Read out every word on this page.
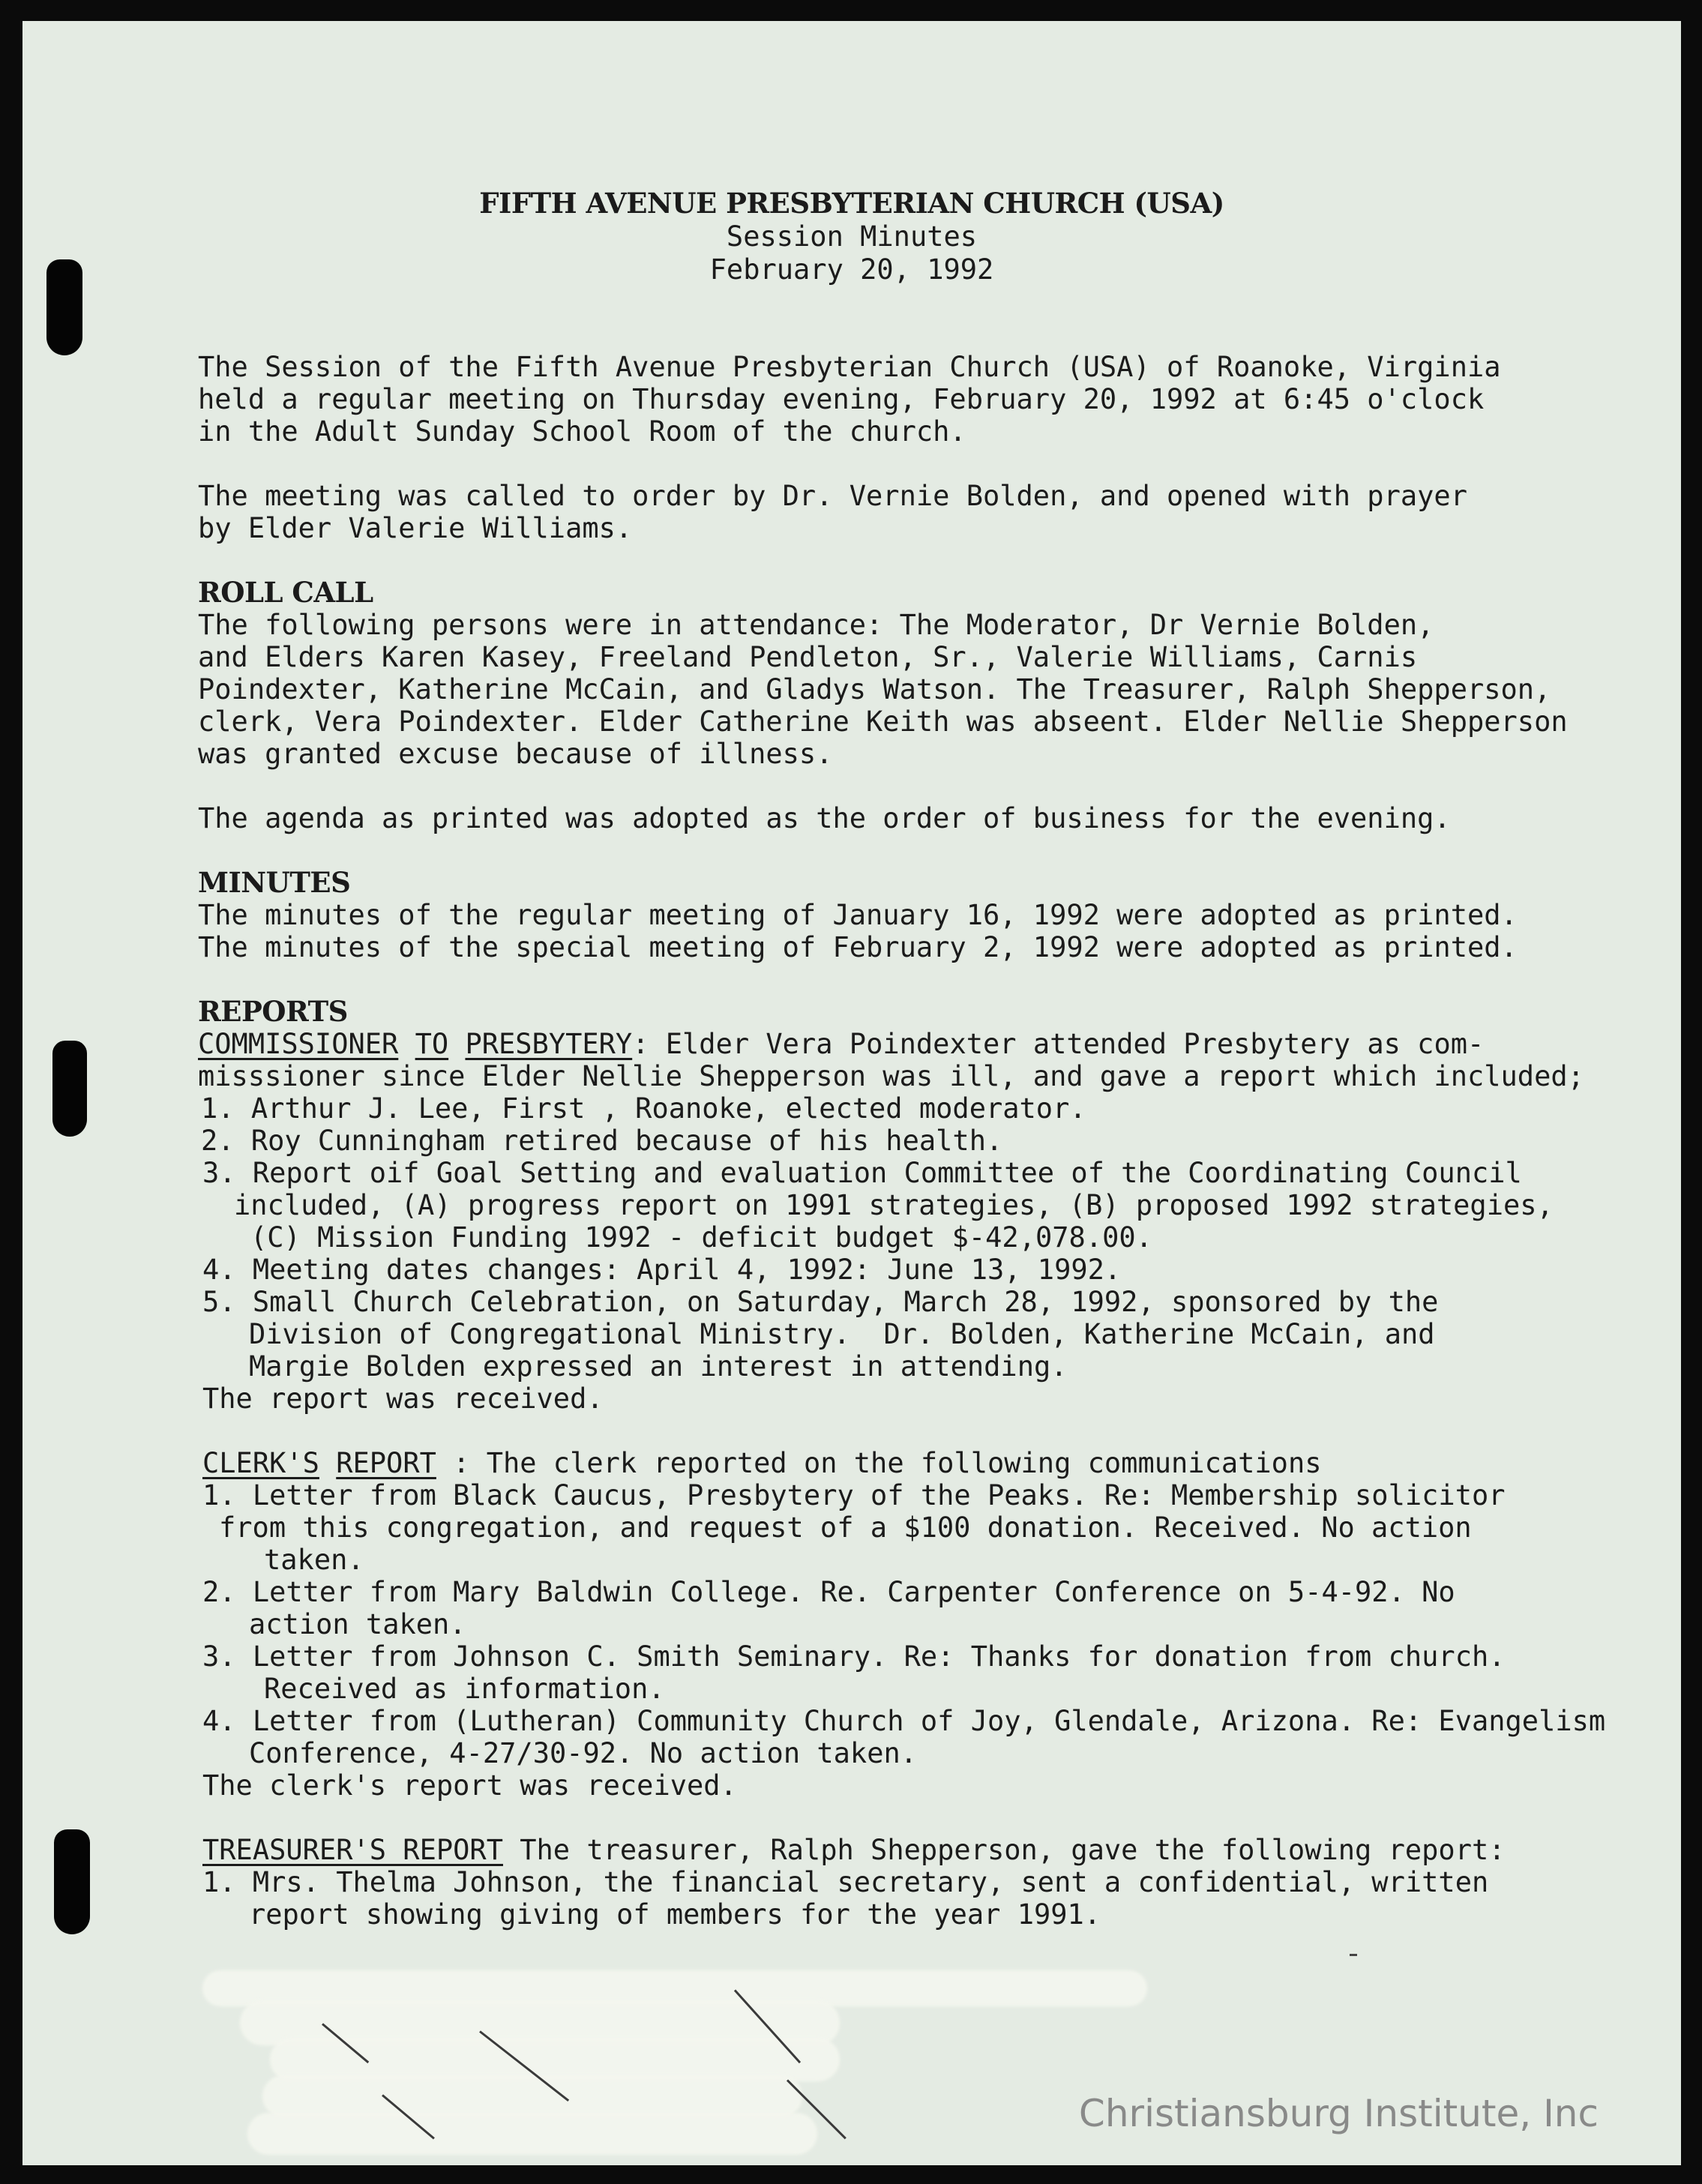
FIFTH AVENUE PRESBYTERIAN CHURCH (USA)
Session Minutes
February 20, 1992
The Session of the Fifth Avenue Presbyterian Church (USA) of Roanoke, Virginia
held a regular meeting on Thursday evening, February 20, 1992 at 6:45 o'clock
in the Adult Sunday School Room of the church.
The meeting was called to order by Dr. Vernie Bolden, and opened with prayer
by Elder Valerie Williams.
ROLL CALL
The following persons were in attendance: The Moderator, Dr Vernie Bolden,
and Elders Karen Kasey, Freeland Pendleton, Sr., Valerie Williams, Carnis
Poindexter, Katherine McCain, and Gladys Watson. The Treasurer, Ralph Shepperson,
clerk, Vera Poindexter. Elder Catherine Keith was abseent. Elder Nellie Shepperson
was granted excuse because of illness.
The agenda as printed was adopted as the order of business for the evening.
MINUTES
The minutes of the regular meeting of January 16, 1992 were adopted as printed.
The minutes of the special meeting of February 2, 1992 were adopted as printed.
REPORTS
COMMISSIONER TO PRESBYTERY: Elder Vera Poindexter attended Presbytery as com-
misssioner since Elder Nellie Shepperson was ill, and gave a report which included;
1. Arthur J. Lee, First , Roanoke, elected moderator.
2. Roy Cunningham retired because of his health.
3. Report oif Goal Setting and evaluation Committee of the Coordinating Council
included, (A) progress report on 1991 strategies, (B) proposed 1992 strategies,
(C) Mission Funding 1992 - deficit budget $-42,078.00.
4. Meeting dates changes: April 4, 1992: June 13, 1992.
5. Small Church Celebration, on Saturday, March 28, 1992, sponsored by the
Division of Congregational Ministry.  Dr. Bolden, Katherine McCain, and
Margie Bolden expressed an interest in attending.
The report was received.
CLERK'S REPORT : The clerk reported on the following communications
1. Letter from Black Caucus, Presbytery of the Peaks. Re: Membership solicitor
from this congregation, and request of a $100 donation. Received. No action
taken.
2. Letter from Mary Baldwin College. Re. Carpenter Conference on 5-4-92. No
action taken.
3. Letter from Johnson C. Smith Seminary. Re: Thanks for donation from church.
Received as information.
4. Letter from (Lutheran) Community Church of Joy, Glendale, Arizona. Re: Evangelism
Conference, 4-27/30-92. No action taken.
The clerk's report was received.
TREASURER'S REPORT The treasurer, Ralph Shepperson, gave the following report:
1. Mrs. Thelma Johnson, the financial secretary, sent a confidential, written
report showing giving of members for the year 1991.
Christiansburg Institute, Inc
